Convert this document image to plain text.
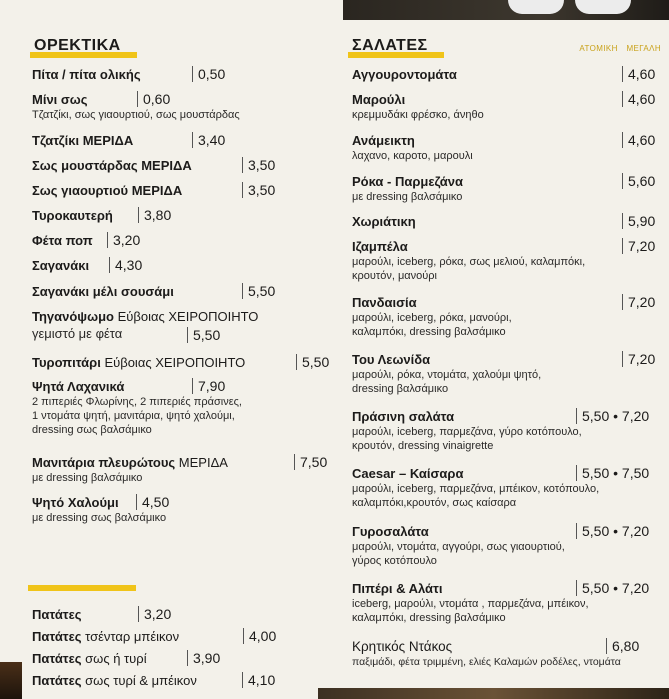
ΟΡΕΚΤΙΚΑ
Πίτα / πίτα ολικής	0,50
Μίνι σως	0,60
Τζατζίκι, σως γιαουρτιού, σως μουστάρδας
Τζατζίκι ΜΕΡΙΔΑ	3,40
Σως μουστάρδας ΜΕΡΙΔΑ	3,50
Σως γιαουρτιού ΜΕΡΙΔΑ	3,50
Τυροκαυτερή	3,80
Φέτα ποπ	3,20
Σαγανάκι	4,30
Σαγανάκι μέλι σουσάμι	5,50
Τηγανόψωμο Εύβοιας ΧΕΙΡΟΠΟΙΗΤΟ
γεμιστό με φέτα	5,50
Τυροπιτάρι Εύβοιας ΧΕΙΡΟΠΟΙΗΤΟ	5,50
Ψητά Λαχανικά	7,90
2 πιπεριές Φλωρίνης, 2 πιπεριές πράσινες,
1 ντομάτα ψητή, μανιτάρια, ψητό χαλούμι,
dressing σως βαλσάμικο
Μανιτάρια πλευρώτους ΜΕΡΙΔΑ	7,50
με dressing βαλσάμικο
Ψητό Χαλούμι	4,50
με dressing σως βαλσάμικο
Πατάτες	3,20
Πατάτες τσένταρ μπέικον	4,00
Πατάτες σως ή τυρί	3,90
Πατάτες σως τυρί & μπέικον	4,10
ΣΑΛΑΤΕΣ	ΑΤΟΜΙΚΗ ΜΕΓΑΛΗ
Αγγουροντομάτα	4,60
Μαρούλι	4,60
κρεμμυδάκι φρέσκο, άνηθο
Ανάμεικτη	4,60
λαχανο, καροτο, μαρουλι
Ρόκα - Παρμεζάνα	5,60
με dressing βαλσάμικο
Χωριάτικη	5,90
Ιζαμπέλα	7,20
μαρούλι, iceberg, ρόκα, σως μελιού, καλαμπόκι,
κρουτόν, μανούρι
Πανδαισία	7,20
μαρούλι, iceberg, ρόκα, μανούρι,
καλαμπόκι, dressing βαλσάμικο
Του Λεωνίδα	7,20
μαρούλι, ρόκα, ντομάτα, χαλούμι ψητό,
dressing βαλσάμικο
Πράσινη σαλάτα	5,50 • 7,20
μαρούλι, iceberg, παρμεζάνα, γύρο κοτόπουλο,
κρουτόν, dressing vinaigrette
Caesar – Καίσαρα	5,50 • 7,50
μαρούλι, iceberg, παρμεζάνα, μπέικον, κοτόπουλο,
καλαμπόκι,κρουτόν, σως καίσαρα
Γυροσαλάτα	5,50 • 7,20
μαρούλι, ντομάτα, αγγούρι, σως γιαουρτιού,
γύρος κοτόπουλο
Πιπέρι & Αλάτι	5,50 • 7,20
iceberg, μαρούλι, ντομάτα , παρμεζάνα, μπέικον,
καλαμπόκι, dressing βαλσάμικο
Κρητικός Ντάκος	6,80
παξιμάδι, φέτα τριμμένη, ελιές Καλαμών ροδέλες, ντομάτα
